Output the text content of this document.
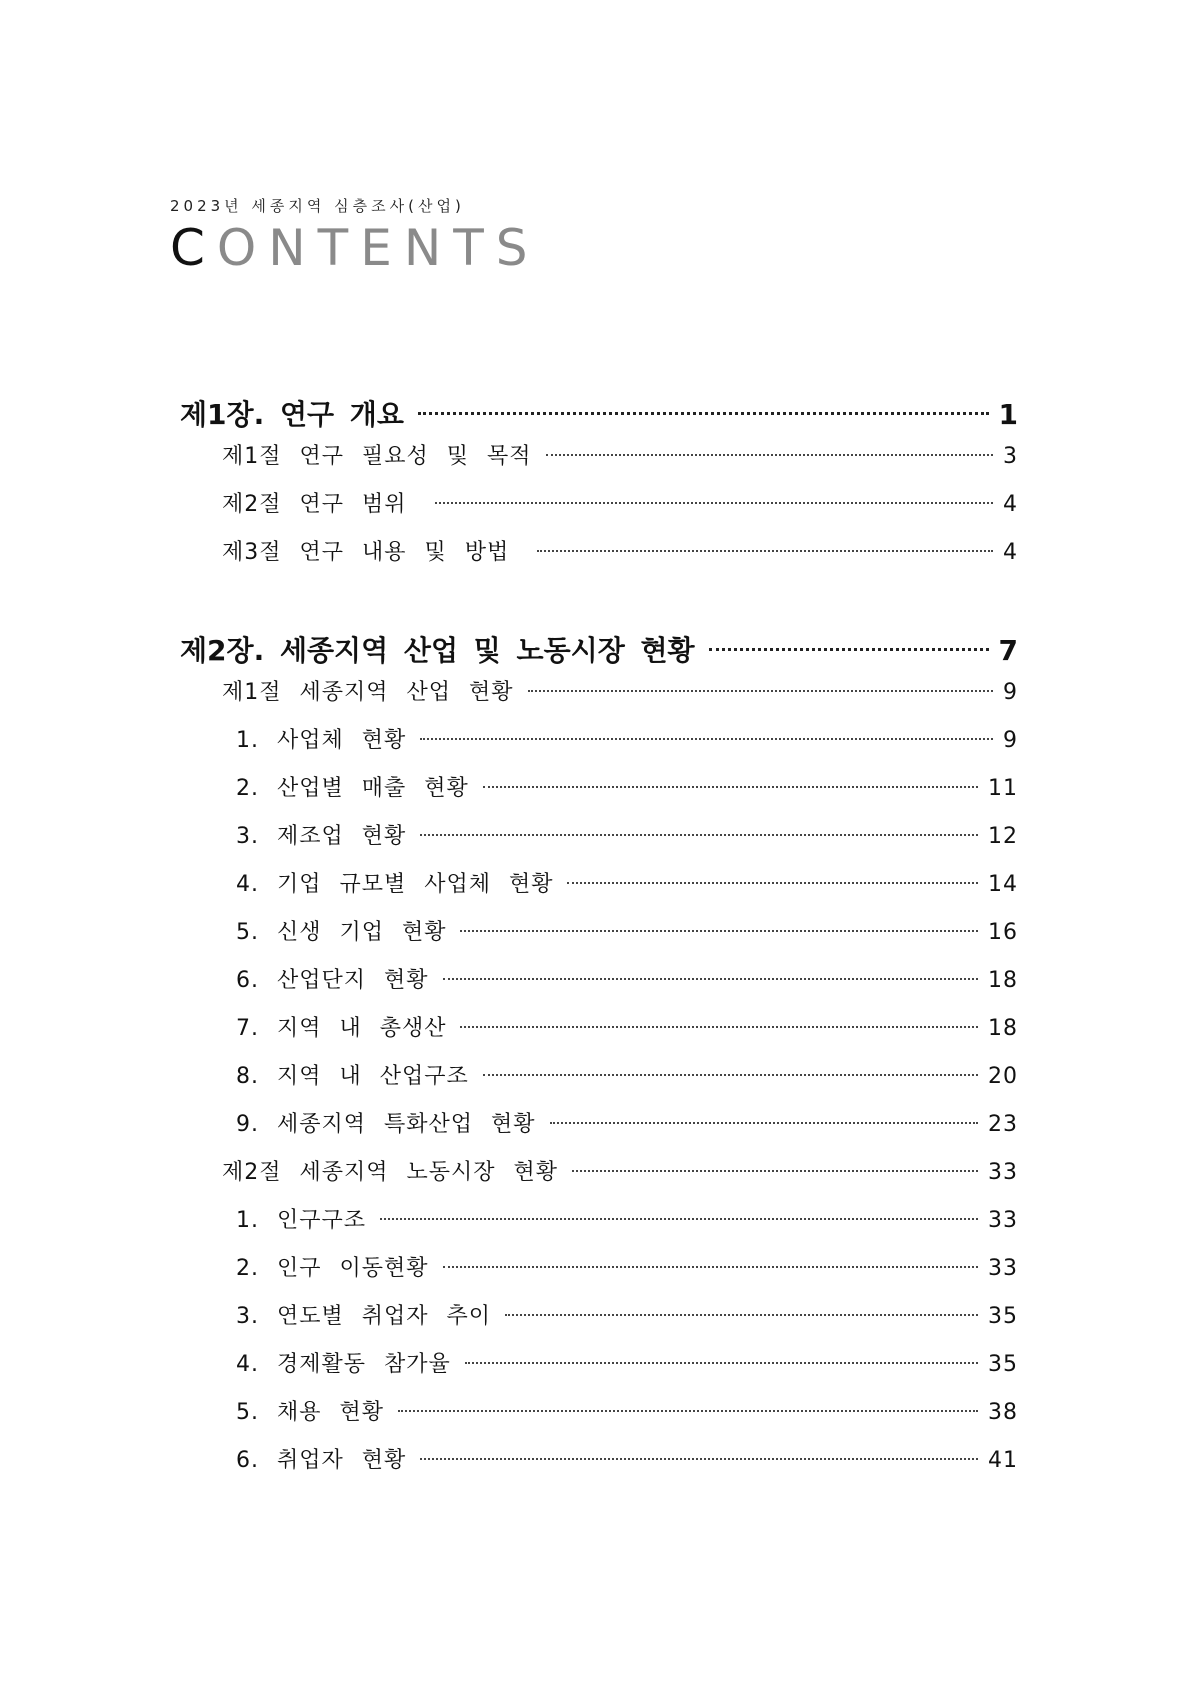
2023년 세종지역 심층조사(산업)
CONTENTS
제1장. 연구 개요	1
제1절 연구 필요성 및 목적	3
제2절 연구 범위	4
제3절 연구 내용 및 방법	4
제2장. 세종지역 산업 및 노동시장 현황	7
제1절 세종지역 산업 현황	9
1. 사업체 현황	9
2. 산업별 매출 현황	11
3. 제조업 현황	12
4. 기업 규모별 사업체 현황	14
5. 신생 기업 현황	16
6. 산업단지 현황	18
7. 지역 내 총생산	18
8. 지역 내 산업구조	20
9. 세종지역 특화산업 현황	23
제2절 세종지역 노동시장 현황	33
1. 인구구조	33
2. 인구 이동현황	33
3. 연도별 취업자 추이	35
4. 경제활동 참가율	35
5. 채용 현황	38
6. 취업자 현황	41
